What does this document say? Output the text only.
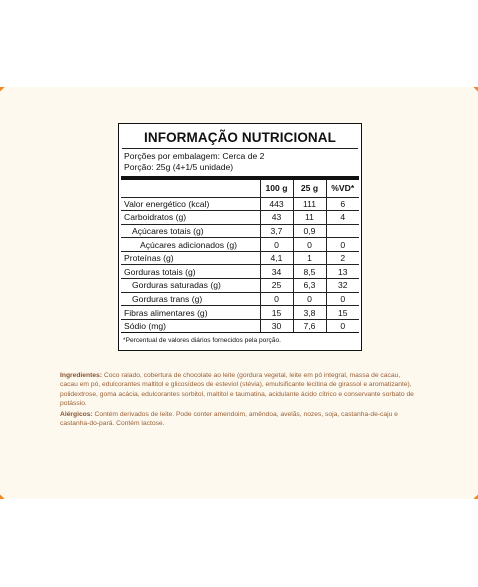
INFORMAÇÃO NUTRICIONAL
Porções por embalagem: Cerca de 2
Porção: 25g (4+1/5 unidade)
	100 g	25 g	%VD*
Valor energético (kcal)	443	111	6
Carboidratos (g)	43	11	4
Açúcares totais (g)	3,7	0,9	
Açúcares adicionados (g)	0	0	0
Proteínas (g)	4,1	1	2
Gorduras totais (g)	34	8,5	13
Gorduras saturadas (g)	25	6,3	32
Gorduras trans (g)	0	0	0
Fibras alimentares (g)	15	3,8	15
Sódio (mg)	30	7,6	0
*Percentual de valores diários fornecidos pela porção.
Ingredientes: Coco ralado, cobertura de chocolate ao leite (gordura vegetal, leite em pó integral, massa de cacau, cacau em pó, edulcorantes maltitol e glicosídeos de esteviol (stévia), emulsificante lecitina de girassol e aromatizante), polidextrose, goma acácia, edulcorantes sorbitol, maltitol e taumatina, acidulante ácido cítrico e conservante sorbato de potássio.
Alérgicos: Contém derivados de leite. Pode conter amendoim, amêndoa, avelãs, nozes, soja, castanha-de-caju e castanha-do-pará. Contém lactose.
